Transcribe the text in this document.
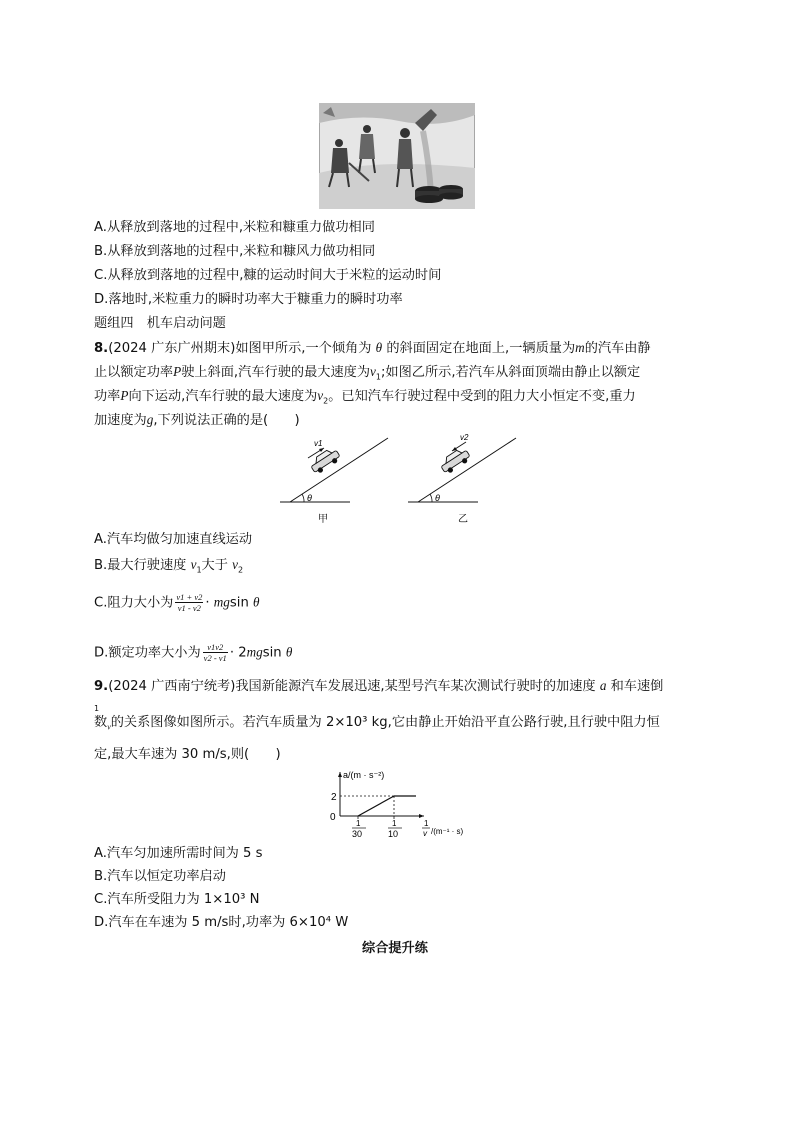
A.从释放到落地的过程中,米粒和糠重力做功相同
B.从释放到落地的过程中,米粒和糠风力做功相同
C.从释放到落地的过程中,糠的运动时间大于米粒的运动时间
D.落地时,米粒重力的瞬时功率大于糠重力的瞬时功率
题组四　机车启动问题
8.(2024 广东广州期末)如图甲所示,一个倾角为 θ 的斜面固定在地面上,一辆质量为m的汽车由静
止以额定功率P驶上斜面,汽车行驶的最大速度为$v_1$;如图乙所示,若汽车从斜面顶端由静止以额定
功率P向下运动,汽车行驶的最大速度为$v_2$。已知汽车行驶过程中受到的阻力大小恒定不变,重力
加速度为g,下列说法正确的是(　　)
θ
v1
甲
θ
v2
乙
A.汽车均做匀加速直线运动
B.最大行驶速度 $v_1$大于 $v_2$
C.阻力大小为 $\frac{v1 + v2}{v1 - v2} \cdot mgsin$ θ
D.额定功率大小为 $\frac{v1v2}{v2 - v1} \cdot 2mgsin$ θ
9.(2024 广西南宁统考)我国新能源汽车发展迅速,某型号汽车某次测试行驶时的加速度 a 和车速倒
1
数$_v$的关系图像如图所示。若汽车质量为 2×10³ kg,它由静止开始沿平直公路行驶,且行驶中阻力恒
定,最大车速为 30 m/s,则(　　)
a/(m · s⁻²)
2
0
1
30
1
10
1
v /(m⁻¹ · s)
A.汽车匀加速所需时间为 5 s
B.汽车以恒定功率启动
C.汽车所受阻力为 1×10³ N
D.汽车在车速为 5 m/s时,功率为 6×10⁴ W
综合提升练
